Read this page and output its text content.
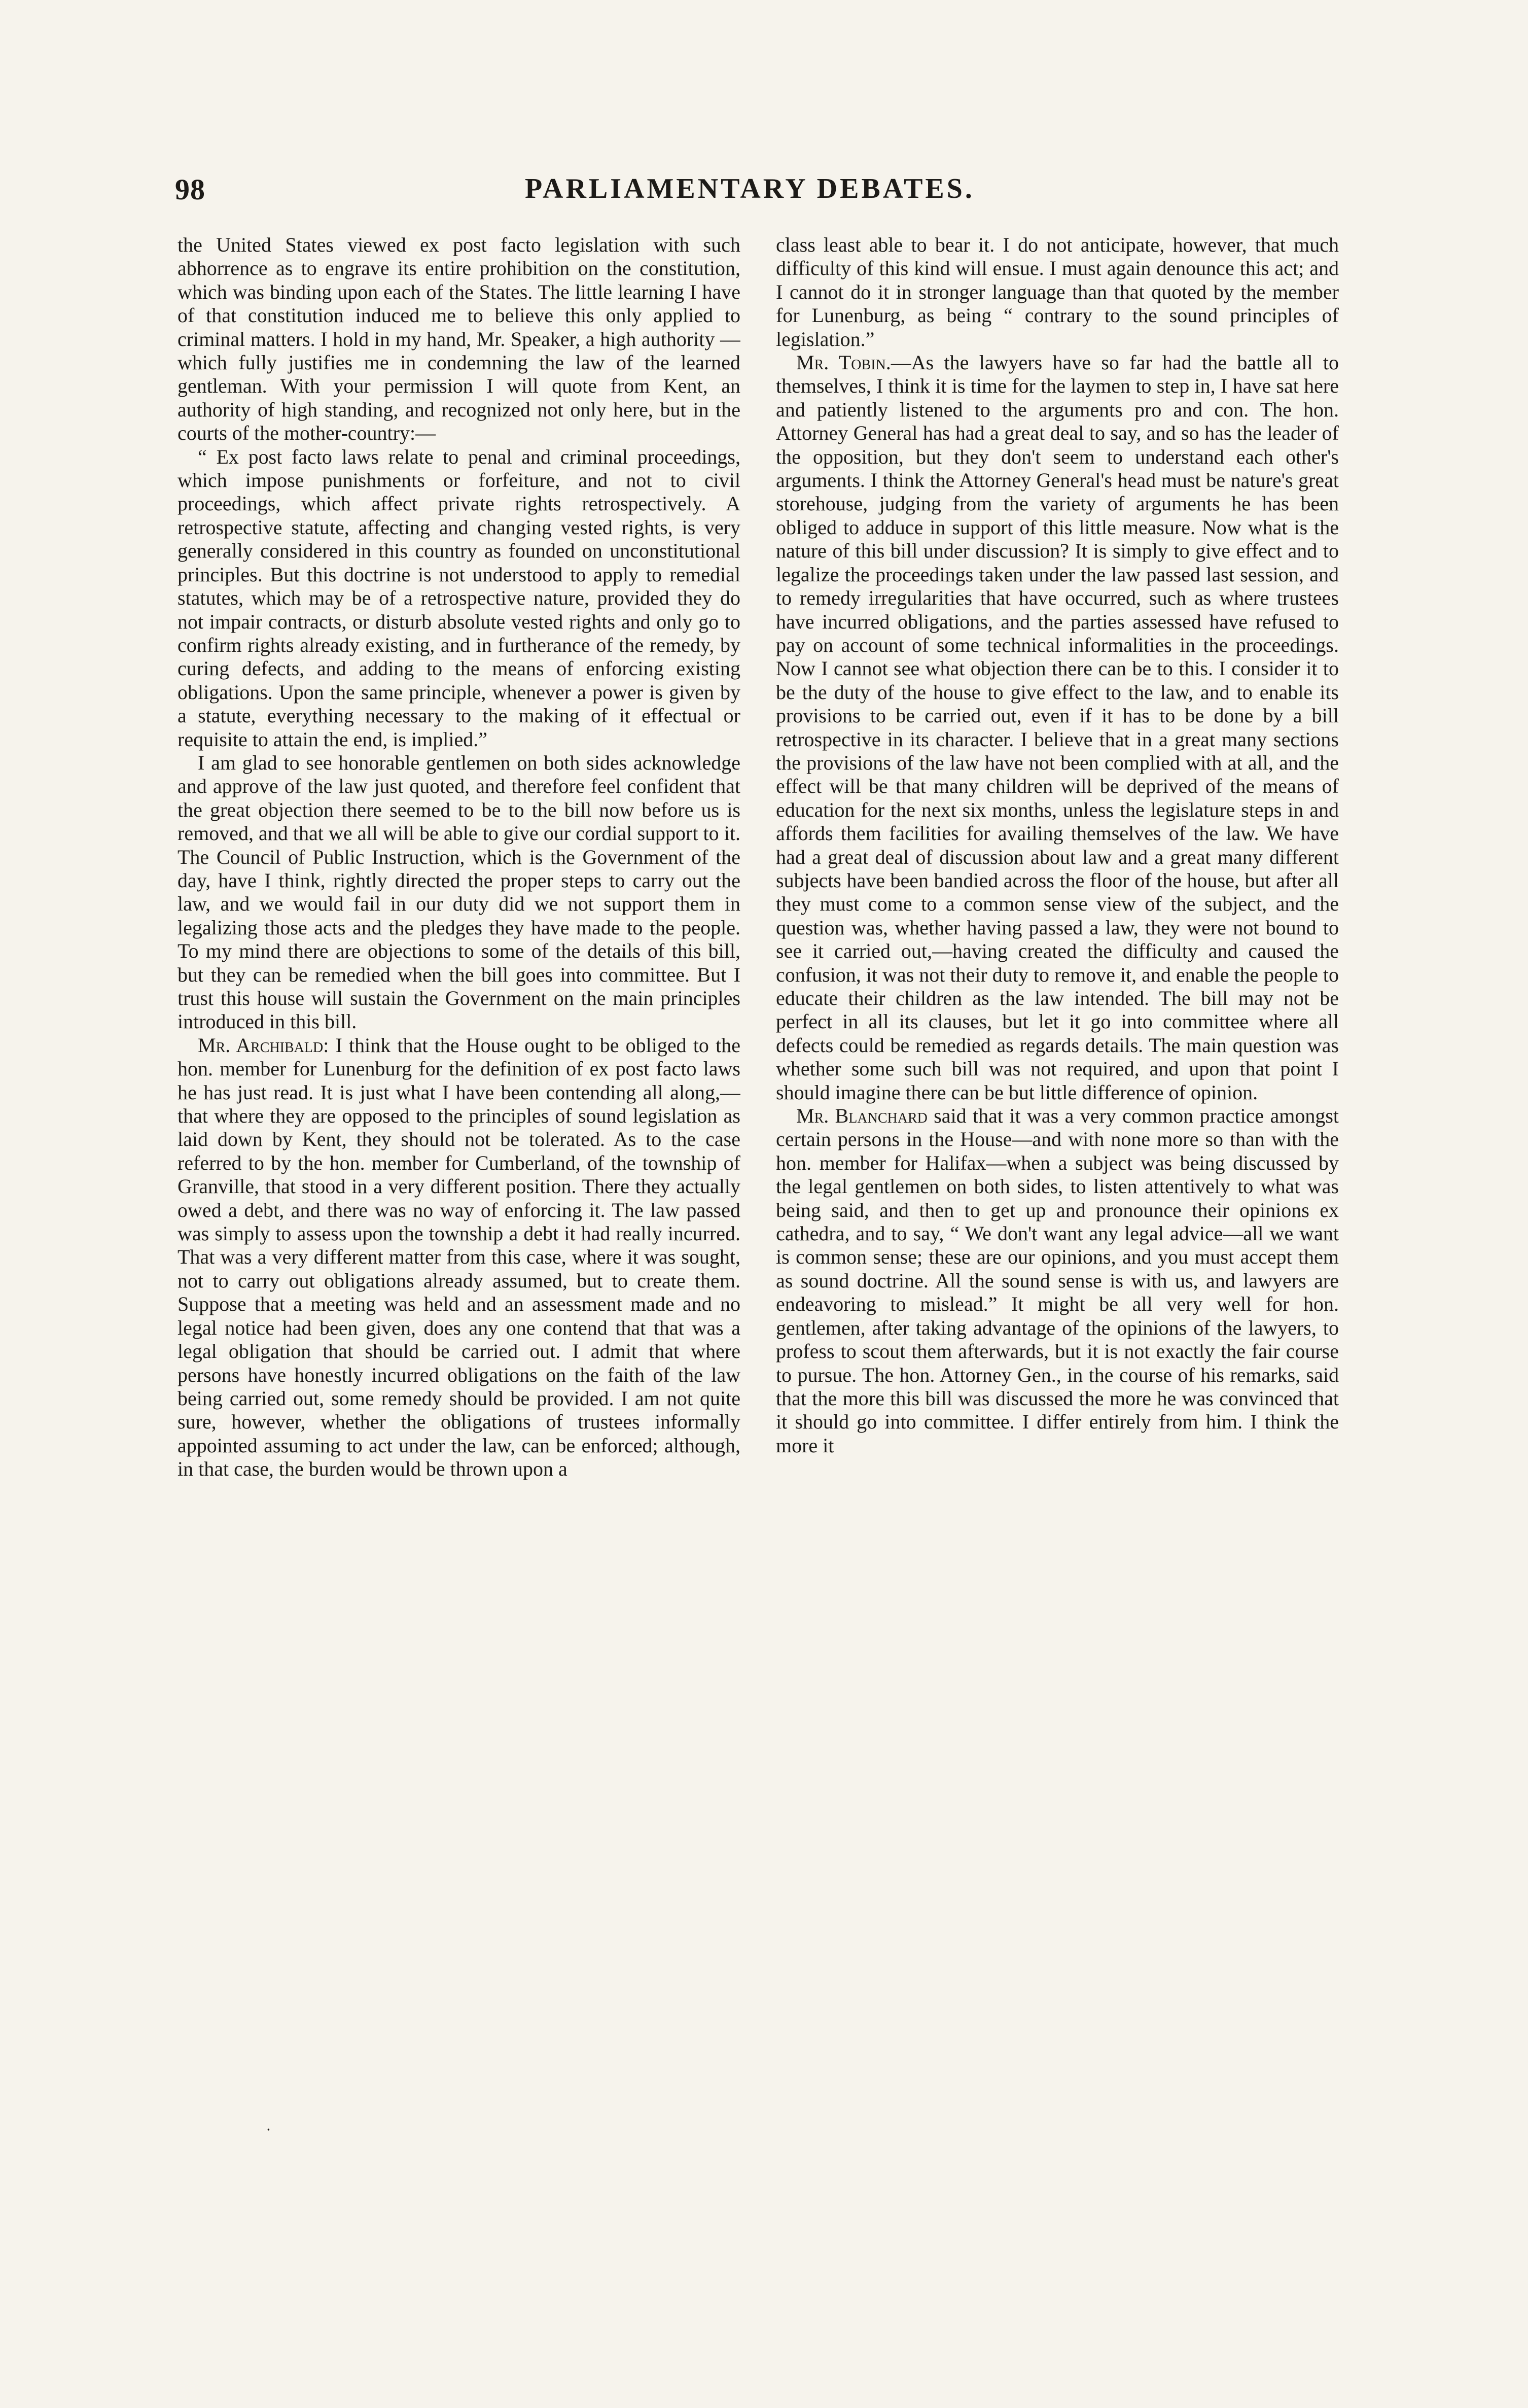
98	PARLIAMENTARY DEBATES.

the United States viewed ex post facto legislation with such abhorrence as to engrave its entire prohibition on the constitution, which was binding upon each of the States. The little learning I have of that constitution induced me to believe this only applied to criminal matters. I hold in my hand, Mr. Speaker, a high authority — which fully justifies me in condemning the law of the learned gentleman. With your permission I will quote from Kent, an authority of high standing, and recognized not only here, but in the courts of the mother-country:—

“ Ex post facto laws relate to penal and criminal proceedings, which impose punishments or forfeiture, and not to civil proceedings, which affect private rights retrospectively. A retrospective statute, affecting and changing vested rights, is very generally considered in this country as founded on unconstitutional principles. But this doctrine is not understood to apply to remedial statutes, which may be of a retrospective nature, provided they do not impair contracts, or disturb absolute vested rights and only go to confirm rights already existing, and in furtherance of the remedy, by curing defects, and adding to the means of enforcing existing obligations. Upon the same principle, whenever a power is given by a statute, everything necessary to the making of it effectual or requisite to attain the end, is implied.”

I am glad to see honorable gentlemen on both sides acknowledge and approve of the law just quoted, and therefore feel confident that the great objection there seemed to be to the bill now before us is removed, and that we all will be able to give our cordial support to it. The Council of Public Instruction, which is the Government of the day, have I think, rightly directed the proper steps to carry out the law, and we would fail in our duty did we not support them in legalizing those acts and the pledges they have made to the people. To my mind there are objections to some of the details of this bill, but they can be remedied when the bill goes into committee. But I trust this house will sustain the Government on the main principles introduced in this bill.

Mr. Archibald: I think that the House ought to be obliged to the hon. member for Lunenburg for the definition of ex post facto laws he has just read. It is just what I have been contending all along,—that where they are opposed to the principles of sound legislation as laid down by Kent, they should not be tolerated. As to the case referred to by the hon. member for Cumberland, of the township of Granville, that stood in a very different position. There they actually owed a debt, and there was no way of enforcing it. The law passed was simply to assess upon the township a debt it had really incurred. That was a very different matter from this case, where it was sought, not to carry out obligations already assumed, but to create them. Suppose that a meeting was held and an assessment made and no legal notice had been given, does any one contend that that was a legal obligation that should be carried out. I admit that where persons have honestly incurred obligations on the faith of the law being carried out, some remedy should be provided. I am not quite sure, however, whether the obligations of trustees informally appointed assuming to act under the law, can be enforced; although, in that case, the burden would be thrown upon a

class least able to bear it. I do not anticipate, however, that much difficulty of this kind will ensue. I must again denounce this act; and I cannot do it in stronger language than that quoted by the member for Lunenburg, as being “ contrary to the sound principles of legislation.”

Mr. Tobin.—As the lawyers have so far had the battle all to themselves, I think it is time for the laymen to step in, I have sat here and patiently listened to the arguments pro and con. The hon. Attorney General has had a great deal to say, and so has the leader of the opposition, but they don't seem to understand each other's arguments. I think the Attorney General's head must be nature's great storehouse, judging from the variety of arguments he has been obliged to adduce in support of this little measure. Now what is the nature of this bill under discussion? It is simply to give effect and to legalize the proceedings taken under the law passed last session, and to remedy irregularities that have occurred, such as where trustees have incurred obligations, and the parties assessed have refused to pay on account of some technical informalities in the proceedings. Now I cannot see what objection there can be to this. I consider it to be the duty of the house to give effect to the law, and to enable its provisions to be carried out, even if it has to be done by a bill retrospective in its character. I believe that in a great many sections the provisions of the law have not been complied with at all, and the effect will be that many children will be deprived of the means of education for the next six months, unless the legislature steps in and affords them facilities for availing themselves of the law. We have had a great deal of discussion about law and a great many different subjects have been bandied across the floor of the house, but after all they must come to a common sense view of the subject, and the question was, whether having passed a law, they were not bound to see it carried out,—having created the difficulty and caused the confusion, it was not their duty to remove it, and enable the people to educate their children as the law intended. The bill may not be perfect in all its clauses, but let it go into committee where all defects could be remedied as regards details. The main question was whether some such bill was not required, and upon that point I should imagine there can be but little difference of opinion.

Mr. Blanchard said that it was a very common practice amongst certain persons in the House—and with none more so than with the hon. member for Halifax—when a subject was being discussed by the legal gentlemen on both sides, to listen attentively to what was being said, and then to get up and pronounce their opinions ex cathedra, and to say, “ We don't want any legal advice—all we want is common sense; these are our opinions, and you must accept them as sound doctrine. All the sound sense is with us, and lawyers are endeavoring to mislead.” It might be all very well for hon. gentlemen, after taking advantage of the opinions of the lawyers, to profess to scout them afterwards, but it is not exactly the fair course to pursue. The hon. Attorney Gen., in the course of his remarks, said that the more this bill was discussed the more he was convinced that it should go into committee. I differ entirely from him. I think the more it

·
